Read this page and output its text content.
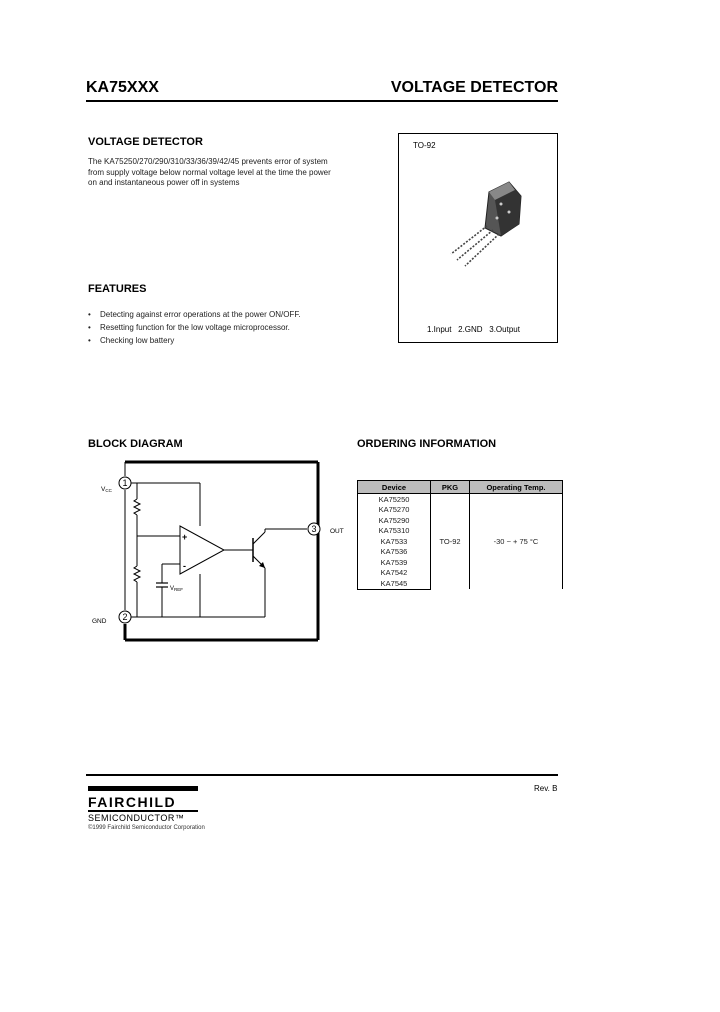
KA75XXX	VOLTAGE DETECTOR
VOLTAGE DETECTOR
The KA75250/270/290/310/33/36/39/42/45 prevents error of system
from supply voltage below normal voltage level at the time the power
on and instantaneous power off in systems
TO-92
1.Input   2.GND   3.Output
FEATURES
• Detecting against error operations at the power ON/OFF.
• Resetting function for the low voltage microprocessor.
• Checking low battery
BLOCK DIAGRAM
1
2
VREF
+
-
3
VCC
GND
OUT
ORDERING INFORMATION
Device	PKG	Operating Temp.
KA75250	TO-92	-30 ~ + 75 °C
KA75270		
KA75290		
KA75310		
KA7533		
KA7536		
KA7539		
KA7542		
KA7545		
Rev. B
FAIRCHILD
SEMICONDUCTOR™
©1999 Fairchild Semiconductor Corporation
